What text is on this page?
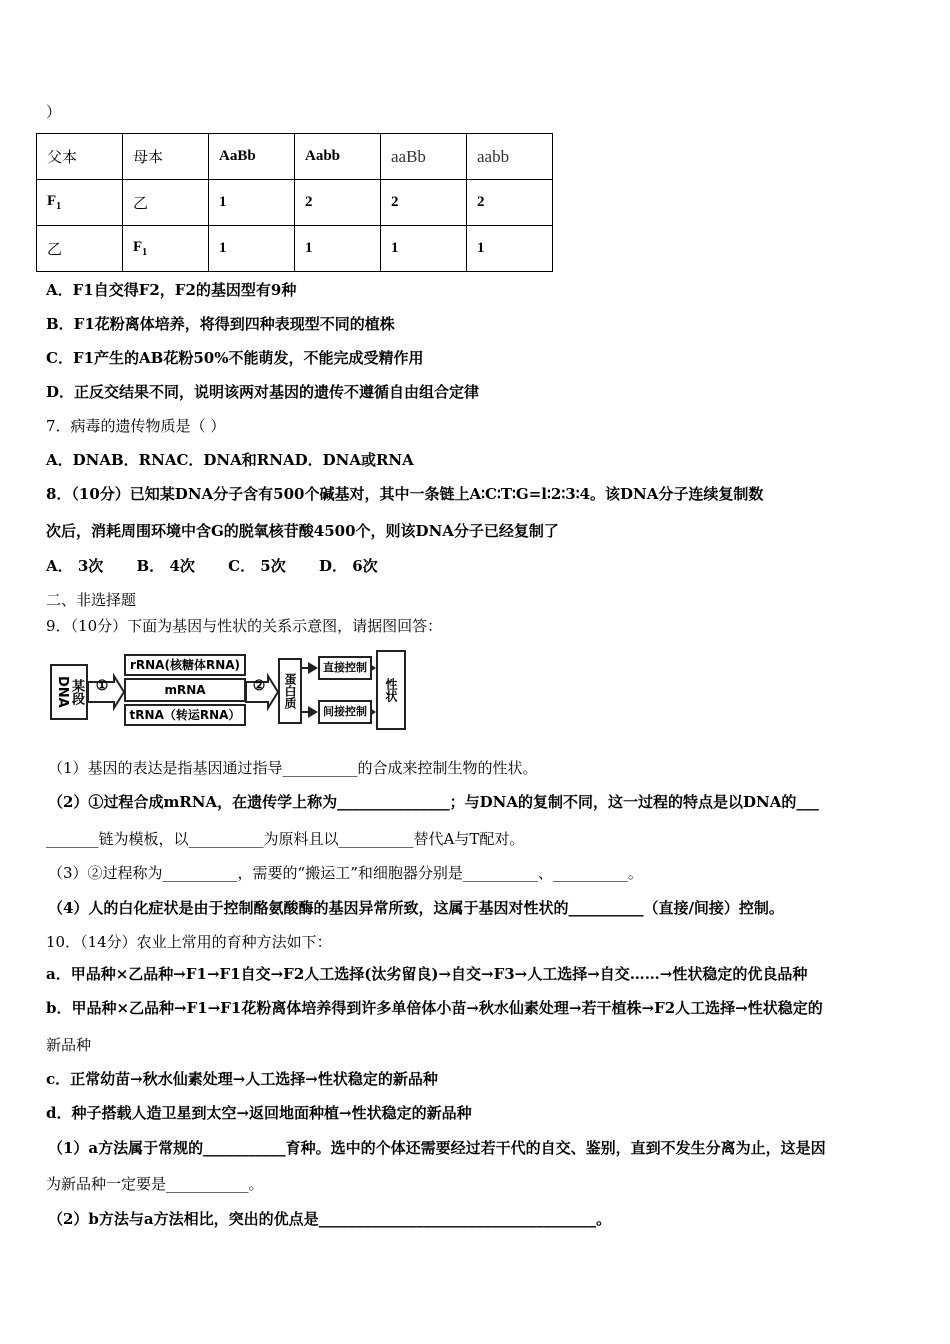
）
父本	母本	AaBb	Aabb	aaBb	aabb
$F_1$	乙	1	2	2	2
乙	$F_1$	1	1	1	1
A．F1自交得F2，F2的基因型有9种
B．F1花粉离体培养，将得到四种表现型不同的植株
C．F1产生的AB花粉50%不能萌发，不能完成受精作用
D．正反交结果不同，说明该两对基因的遗传不遵循自由组合定律
7．病毒的遗传物质是（ ）
A．DNAB．RNAC．DNA和RNAD．DNA或RNA
8．（10分）已知某DNA分子含有500个碱基对，其中一条链上A∶C∶T∶G=l∶2∶3∶4。该DNA分子连续复制数
次后，消耗周围环境中含G的脱氧核苷酸4500个，则该DNA分子已经复制了
A． 3次 B． 4次 C． 5次 D． 6次
二、非选择题
9．（10分）下面为基因与性状的关系示意图，请据图回答：
某段DNA	①
rRNA(核糖体RNA)
mRNA
tRNA（转运RNA）
②	蛋白质
直接控制
间接控制
性状
（1）基因的表达是指基因通过指导__________的合成来控制生物的性状。
（2）①过程合成mRNA，在遗传学上称为_______________；与DNA的复制不同，这一过程的特点是以DNA的___
_______链为模板，以__________为原料且以__________替代A与T配对。
（3）②过程称为__________，需要的“搬运工”和细胞器分别是__________、__________。
（4）人的白化症状是由于控制酪氨酸酶的基因异常所致，这属于基因对性状的__________（直接/间接）控制。
10．（14分）农业上常用的育种方法如下：
a．甲品种×乙品种→F1→F1自交→F2人工选择(汰劣留良)→自交→F3→人工选择→自交……→性状稳定的优良品种
b．甲品种×乙品种→F1→F1花粉离体培养得到许多单倍体小苗→秋水仙素处理→若干植株→F2人工选择→性状稳定的
新品种
c．正常幼苗→秋水仙素处理→人工选择→性状稳定的新品种
d．种子搭载人造卫星到太空→返回地面种植→性状稳定的新品种
（1）a方法属于常规的___________育种。选中的个体还需要经过若干代的自交、鉴别，直到不发生分离为止，这是因
为新品种一定要是___________。
（2）b方法与a方法相比，突出的优点是_____________________________________。
